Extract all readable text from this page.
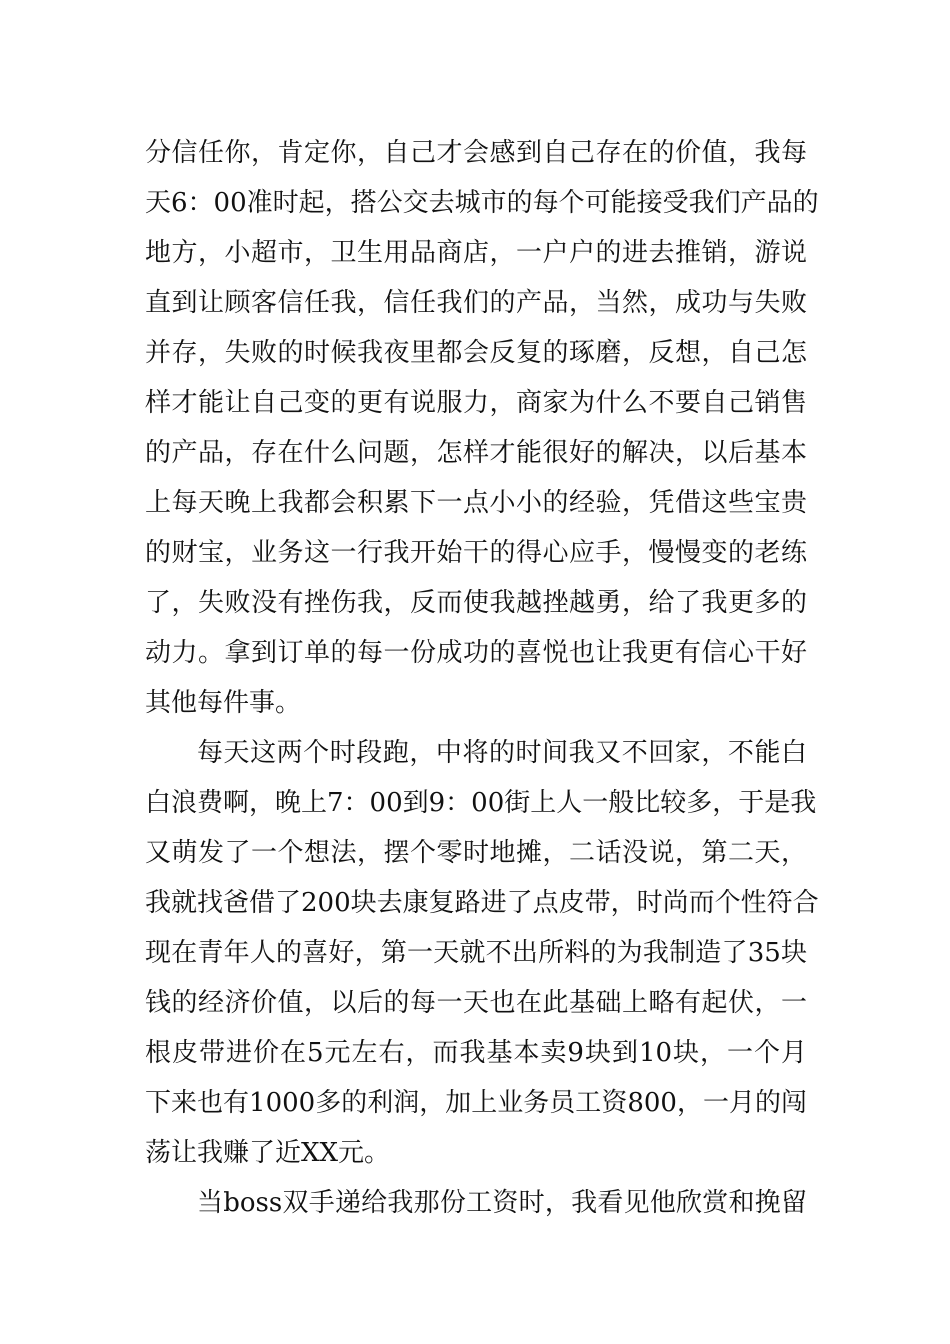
分信任你，肯定你，自己才会感到自己存在的价值，我每
天6：00准时起，搭公交去城市的每个可能接受我们产品的
地方，小超市，卫生用品商店，一户户的进去推销，游说
直到让顾客信任我，信任我们的产品，当然，成功与失败
并存，失败的时候我夜里都会反复的琢磨，反想，自己怎
样才能让自己变的更有说服力，商家为什么不要自己销售
的产品，存在什么问题，怎样才能很好的解决，以后基本
上每天晚上我都会积累下一点小小的经验，凭借这些宝贵
的财宝，业务这一行我开始干的得心应手，慢慢变的老练
了，失败没有挫伤我，反而使我越挫越勇，给了我更多的
动力。拿到订单的每一份成功的喜悦也让我更有信心干好
其他每件事。
每天这两个时段跑，中将的时间我又不回家，不能白
白浪费啊，晚上7：00到9：00街上人一般比较多，于是我
又萌发了一个想法，摆个零时地摊，二话没说，第二天，
我就找爸借了200块去康复路进了点皮带，时尚而个性符合
现在青年人的喜好，第一天就不出所料的为我制造了35块
钱的经济价值，以后的每一天也在此基础上略有起伏，一
根皮带进价在5元左右，而我基本卖9块到10块，一个月
下来也有1000多的利润，加上业务员工资800，一月的闯
荡让我赚了近XX元。
当boss双手递给我那份工资时，我看见他欣赏和挽留
